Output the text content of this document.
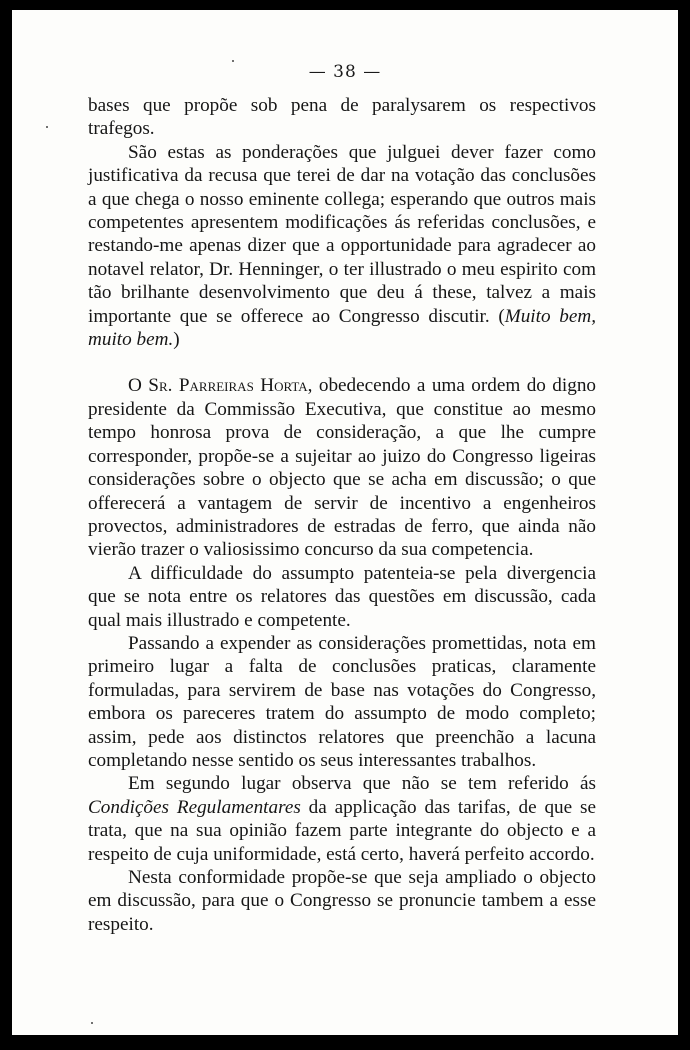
— 38 —

bases que propõe sob pena de paralysarem os respectivos trafegos.

São estas as ponderações que julguei dever fazer como justificativa da recusa que terei de dar na votação das conclusões a que chega o nosso eminente collega; esperando que outros mais competentes apresentem modificações ás referidas conclusões, e restando-me apenas dizer que a opportunidade para agradecer ao notavel relator, Dr. Henninger, o ter illustrado o meu espirito com tão brilhante desenvolvimento que deu á these, talvez a mais importante que se offerece ao Congresso discutir. (Muito bem, muito bem.)

O Sr. Parreiras Horta, obedecendo a uma ordem do digno presidente da Commissão Executiva, que constitue ao mesmo tempo honrosa prova de consideração, a que lhe cumpre corresponder, propõe-se a sujeitar ao juizo do Congresso ligeiras considerações sobre o objecto que se acha em discussão; o que offerecerá a vantagem de servir de incentivo a engenheiros provectos, administradores de estradas de ferro, que ainda não vierão trazer o valiosissimo concurso da sua competencia.

A difficuldade do assumpto patenteia-se pela divergencia que se nota entre os relatores das questões em discussão, cada qual mais illustrado e competente.

Passando a expender as considerações promettidas, nota em primeiro lugar a falta de conclusões praticas, claramente formuladas, para servirem de base nas votações do Congresso, embora os pareceres tratem do assumpto de modo completo; assim, pede aos distinctos relatores que preenchão a lacuna completando nesse sentido os seus interessantes trabalhos.

Em segundo lugar observa que não se tem referido ás Condições Regulamentares da applicação das tarifas, de que se trata, que na sua opinião fazem parte integrante do objecto e a respeito de cuja uniformidade, está certo, haverá perfeito accordo.

Nesta conformidade propõe-se que seja ampliado o objecto em discussão, para que o Congresso se pronuncie tambem a esse respeito.
